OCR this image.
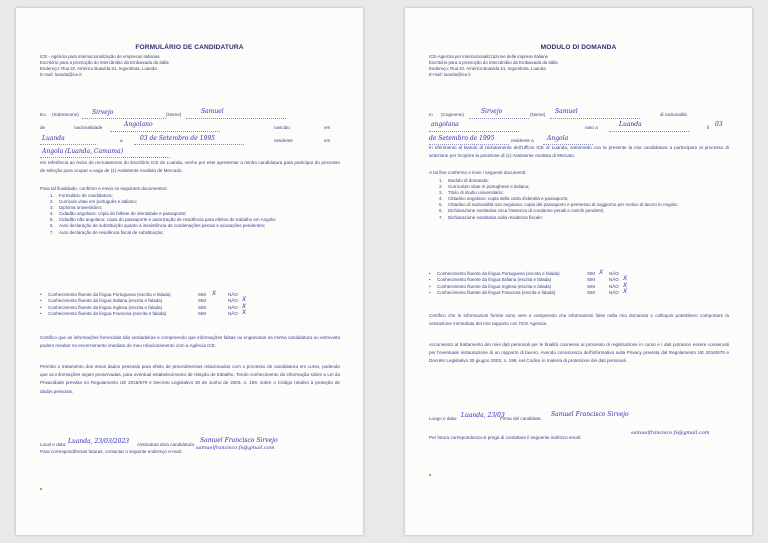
FORMULÁRIO DE CANDIDATURA
ICE - Agência para internacionalização de empresas italianas
Escritório para a promoção do intercâmbio da Embaixada da Itália
Endereço: Rua Dr. Américo Boavida 51, Ingombota, Luanda
E-mail: luanda@ice.it
Eu (Sobrenome) Sirvejo	(Nome)	Samuel
de	nacionalidade	Angolano	nascido	em
Luanda	a	03 de Setembro de 1995	residente	em
Angola (Luanda, Camama)
em referência ao Aviso de recrutamento do Escritório ICE de Luanda, venho por este apresentar a minha candidatura para participar do processo de seleção para ocupar a vaga de (1) Assistente Analista de Mercado.
Para tal finalidade, confirmo e envio os seguintes documentos:
1.	Formulário de candidatura;
2.	Curriculo vitae em português e italiano;
3.	Diploma universitário;
4.	Cidadão angolano: cópia do bilhete de identidade e passaporte;
5.	Cidadão não angolano: cópia do passaporte e autorização de residência para efeitos de trabalho em Angola;
6.	Auto declaração de substituição quanto à inexistência de condenações penais e acusações pendentes;
7.	Auto declaração de residência fiscal de substituição;
•	Conhecimento fluente da língua Portuguesa (escrita e falada)	SIM X	NÃO
•	Conhecimento fluente da língua Italiana (escrita e falada)	SIM	NÃO X
•	Conhecimento fluente da língua Inglesa (escrita e falada)	SIM	NÃO X
•	Conhecimento fluente da língua Francesa (escrita e falada)	SIM	NÃO X
Certifico que as informações fornecidas são verdadeiras e compreendo que informações falsas ou enganosas na minha candidatura ou entrevista podem resultar no encerramento imediato do meu relacionamento com a Agência ICE.
Permito o tratamento dos meus dados pessoais para efeito de procedimentos relacionados com o processo de candidatura em curso, podendo que as informações sejam preservadas, para eventual estabelecimento de relação de trabalho. Tendo conhecimento da informação sobre a Lei da Privacidade prevista no Regulamento UE 2016/679 e Decreto Legislativo 30 de Junho de 2003, n. 196, sobre o Código relativo à proteção de dados pessoais.
Local e data: Luanda, 23/03/2023 Assinatura do/a candidato/a:
Samuel Francisco Sirvejo
Para correspondências futuras, contactar o seguinte endereço e-mail:
samuelfrancisco.fs@gmail.com
MODULO DI DOMANDA
ICE-Agenzia per internazionalizzazione delle imprese italiane
Escritório para a promoção do intercâmbio da Embaixada da Itália
Endereço: Rua Dr. Américo Boavida 51, Ingombota, Luanda
E-mail: luanda@ice.it
Io (Cognome)	Sirvejo	(Nome) Samuel	di nazionalità
angolana	nato a	Luanda	il 03
de Setembro de 1995	residente a Angola
In riferimento al Bando di reclutamento dell'Ufficio ICE di Luanda, sottometto con la presente la mia candidatura a partecipare al processo di selezione per ricoprire la posizione di (1) Assistente Analista di Mercato.
A tal fine confermo e invio i seguenti documenti:
1.	Modulo di domanda;
2.	Curriculum vitae in portoghese e italiano;
3.	Titolo di studio universitario;
4.	Cittadino angolano: copia della carta d'identità e passaporto;
5.	Cittadino di nazionalità non angolana: copia del passaporto e permesso di soggiorno per motivo di lavoro in Angola;
6.	Dichiarazione sostitutiva circa l'assenza di condanne penali e carichi pendenti;
7.	Dichiarazione sostitutiva sulla residenza fiscale;
•	Conhecimento fluente da língua Portuguesa (escrita e falada)	SIM X NÃO
•	Conhecimento fluente da língua Italiana (escrita e falada)	SIM	NÃO X
•	Conhecimento fluente da língua Inglesa (escrita e falada)	SIM	NÃO X
•	Conhecimento fluente da língua Francesa (escrita e falada)	SIM	NÃO X
Certifico che le informazioni fornite sono vere e comprendo che informazioni false nella mia domanda o colloquio potrebbero comportare la cessazione immediata del mio rapporto con l'ICE Agenzia.
Acconsento al trattamento dei miei dati personali per le finalità connesse al processo di registrazione in corso e i dati potranno essere conservati per l'eventuale instaurazione di un rapporto di lavoro. Avendo conoscenza dell'informativa sulla Privacy prevista dal Regolamento UE 2016/679 e Decreto Legislativo 30 giugno 2003, n. 196, nel Codice in materia di protezione dei dati personali.
Luogo e data: Luanda, 23/03
Firma del candidato:
Samuel Francisco Sirvejo
Per futura corrispondenza si prega di contattare il seguente indirizzo email:
samuelfrancisco.fs@gmail.com
